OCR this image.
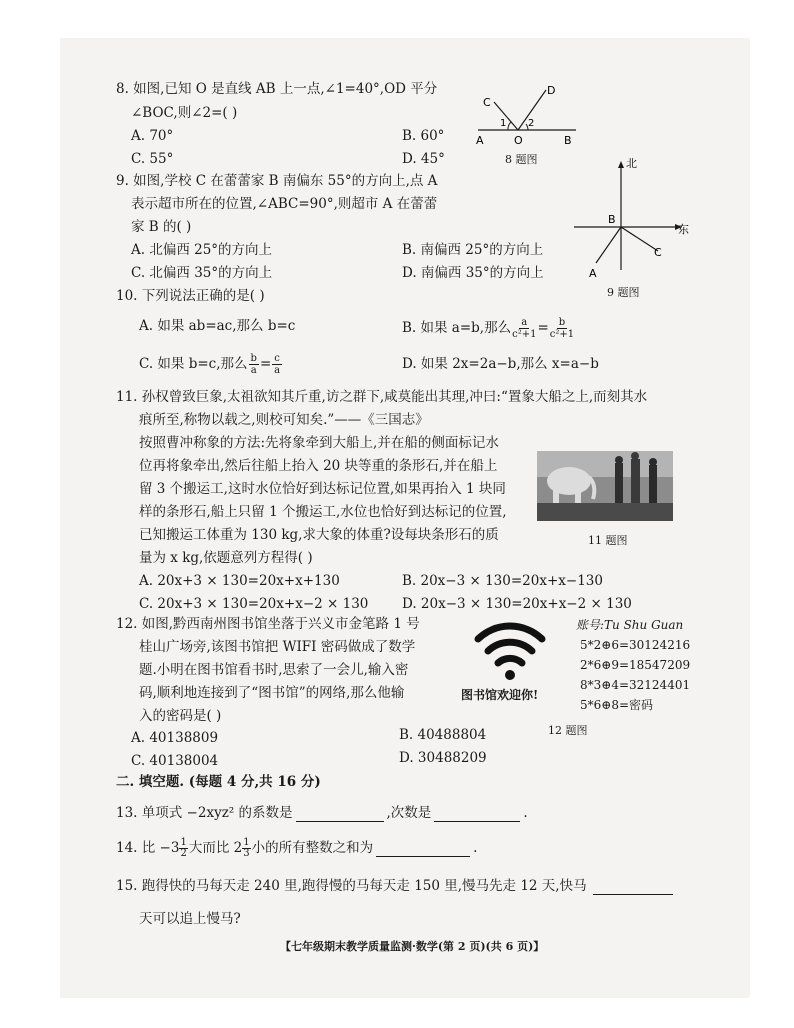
8. 如图,已知 O 是直线 AB 上一点,∠1=40°,OD 平分
∠BOC,则∠2=( )
A. 70°	B. 60°
C. 55°	D. 45°
C
D
A	O	B
1 2
8 题图
9. 如图,学校 C 在蕾蕾家 B 南偏东 55°的方向上,点 A
表示超市所在的位置,∠ABC=90°,则超市 A 在蕾蕾
家 B 的( )
A. 北偏西 25°的方向上	B. 南偏西 25°的方向上
C. 北偏西 35°的方向上	D. 南偏西 35°的方向上
北
东
B
C
A
9 题图
10. 下列说法正确的是( )
A. 如果 ab=ac,那么 b=c	B. 如果 a=b,那么 $\frac{a}{\text{c²+1}} = \frac{b}{\text{c²+1}}$
C. 如果 b=c,那么 $\frac{b}{a} = \frac{c}{a}$	D. 如果 2x=2a−b,那么 x=a−b
11. 孙权曾致巨象,太祖欲知其斤重,访之群下,咸莫能出其理,冲曰:“置象大船之上,而刻其水
痕所至,称物以载之,则校可知矣.”——《三国志》
按照曹冲称象的方法:先将象牵到大船上,并在船的侧面标记水
位再将象牵出,然后往船上抬入 20 块等重的条形石,并在船上
留 3 个搬运工,这时水位恰好到达标记位置,如果再抬入 1 块同
样的条形石,船上只留 1 个搬运工,水位也恰好到达标记的位置,
已知搬运工体重为 130 kg,求大象的体重?设每块条形石的质
量为 x kg,依题意列方程得( )
A. 20x+3 × 130=20x+x+130	B. 20x−3 × 130=20x+x−130
C. 20x+3 × 130=20x+x−2 × 130 D. 20x−3 × 130=20x+x−2 × 130
11 题图
12. 如图,黔西南州图书馆坐落于兴义市金笔路 1 号
桂山广场旁,该图书馆把 WIFI 密码做成了数学
题.小明在图书馆看书时,思索了一会儿,输入密
码,顺利地连接到了“图书馆”的网络,那么他输
入的密码是( )
A. 40138809	B. 40488804
C. 40138004	D. 30488209
图书馆欢迎你!
账号:Tu Shu Guan
5*2⊕6=30124216
2*6⊕9=18547209
8*3⊕4=32124401
5*6⊕8=密码
12 题图
二. 填空题. (每题 4 分,共 16 分)
13. 单项式 −2xyz² 的系数是	,次数是	.
14. 比 $-3 \frac{1}{2}$ 大而比 $2 \frac{1}{3}$ 小的所有整数之和为	.
15. 跑得快的马每天走 240 里,跑得慢的马每天走 150 里,慢马先走 12 天,快马
天可以追上慢马?
【七年级期末教学质量监测·数学(第 2 页)(共 6 页)】
